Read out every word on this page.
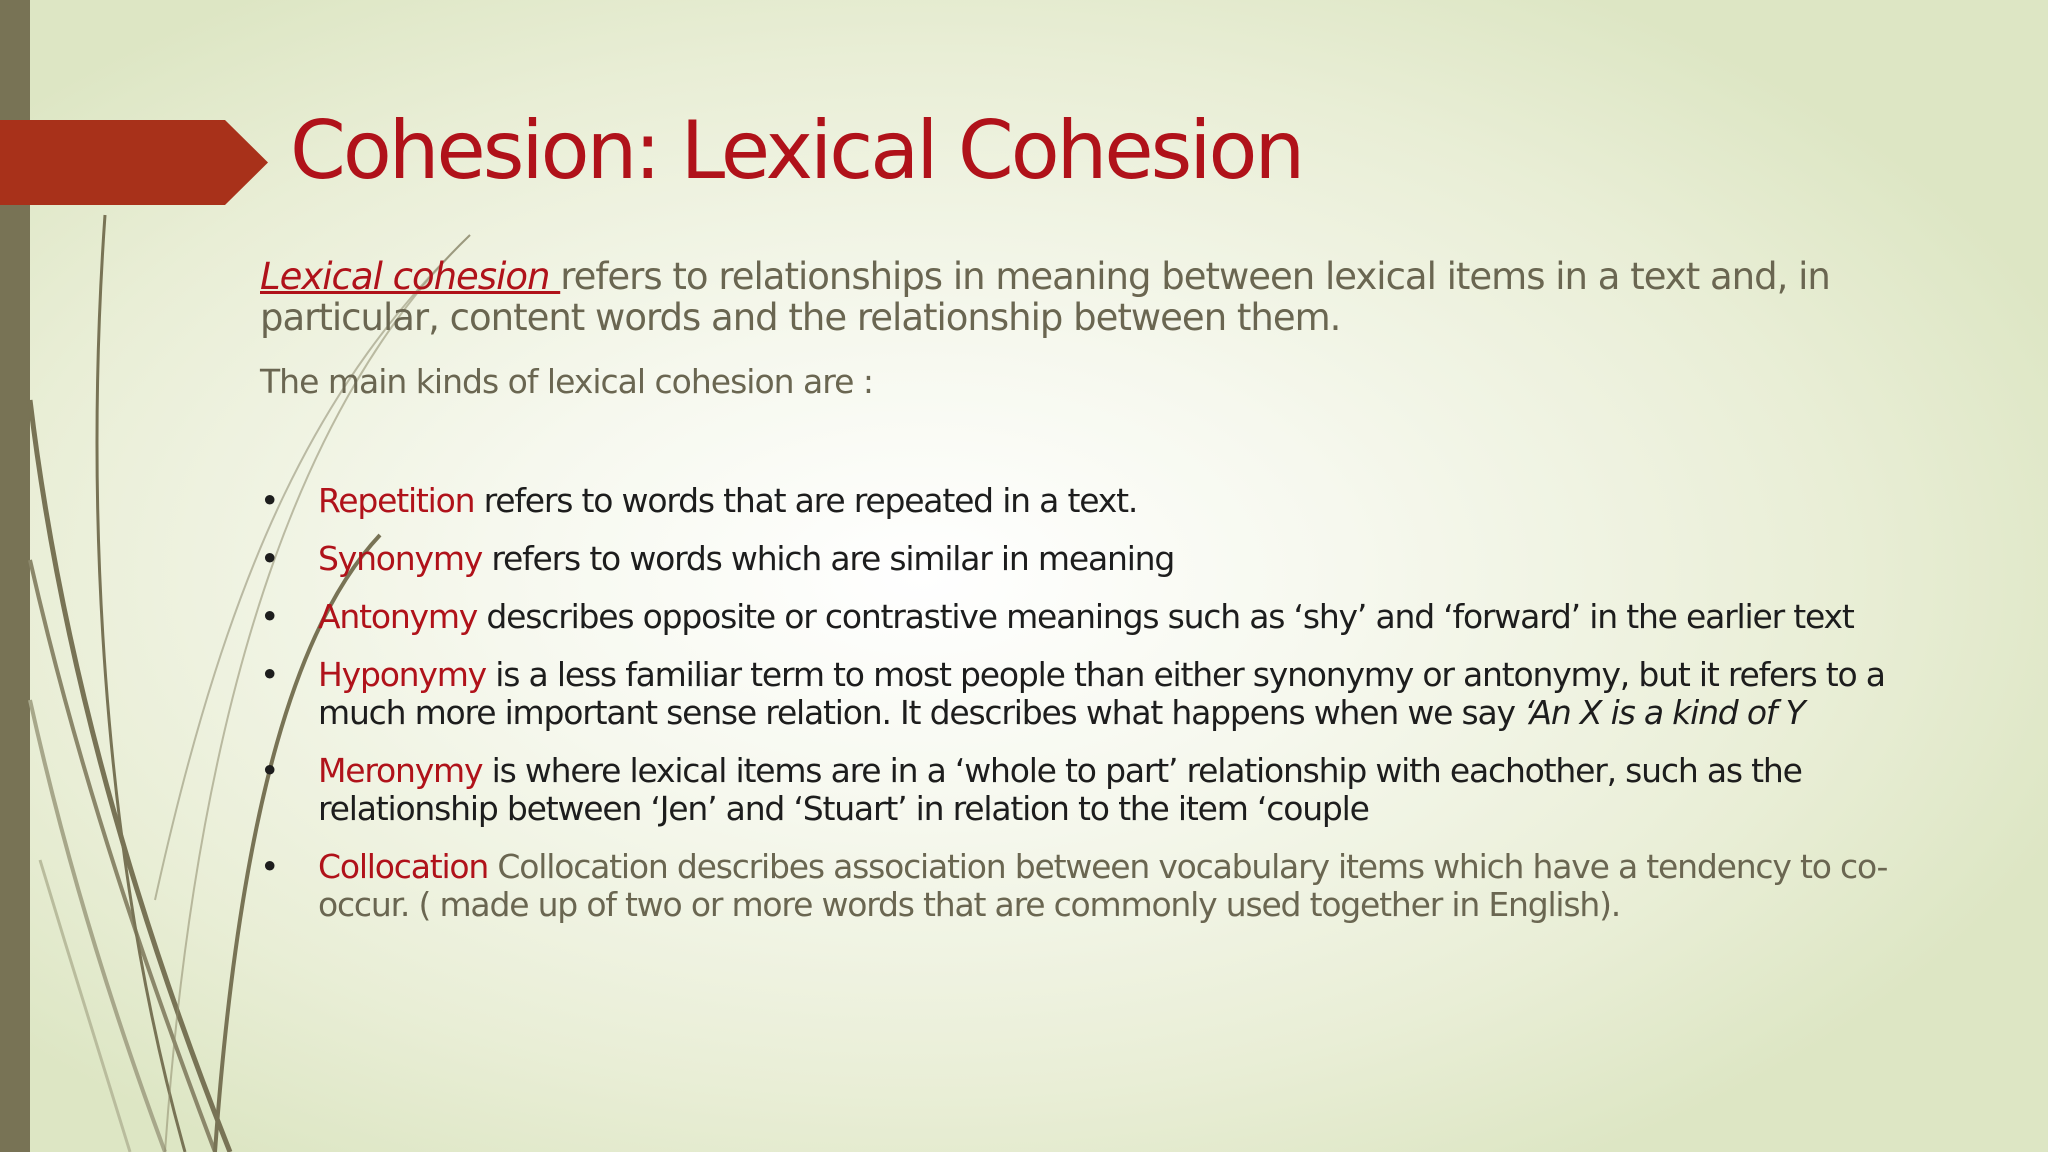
Cohesion: Lexical Cohesion

Lexical cohesion refers to relationships in meaning between lexical items in a text and, in particular, content words and the relationship between them.

The main kinds of lexical cohesion are :

• Repetition refers to words that are repeated in a text.
• Synonymy refers to words which are similar in meaning
• Antonymy describes opposite or contrastive meanings such as ‘shy’ and ‘forward’ in the earlier text
• Hyponymy is a less familiar term to most people than either synonymy or antonymy, but it refers to a much more important sense relation. It describes what happens when we say ‘An X is a kind of Y
• Meronymy is where lexical items are in a ‘whole to part’ relationship with eachother, such as the relationship between ‘Jen’ and ‘Stuart’ in relation to the item ‘couple
• Collocation Collocation describes association between vocabulary items which have a tendency to co-occur. ( made up of two or more words that are commonly used together in English).
